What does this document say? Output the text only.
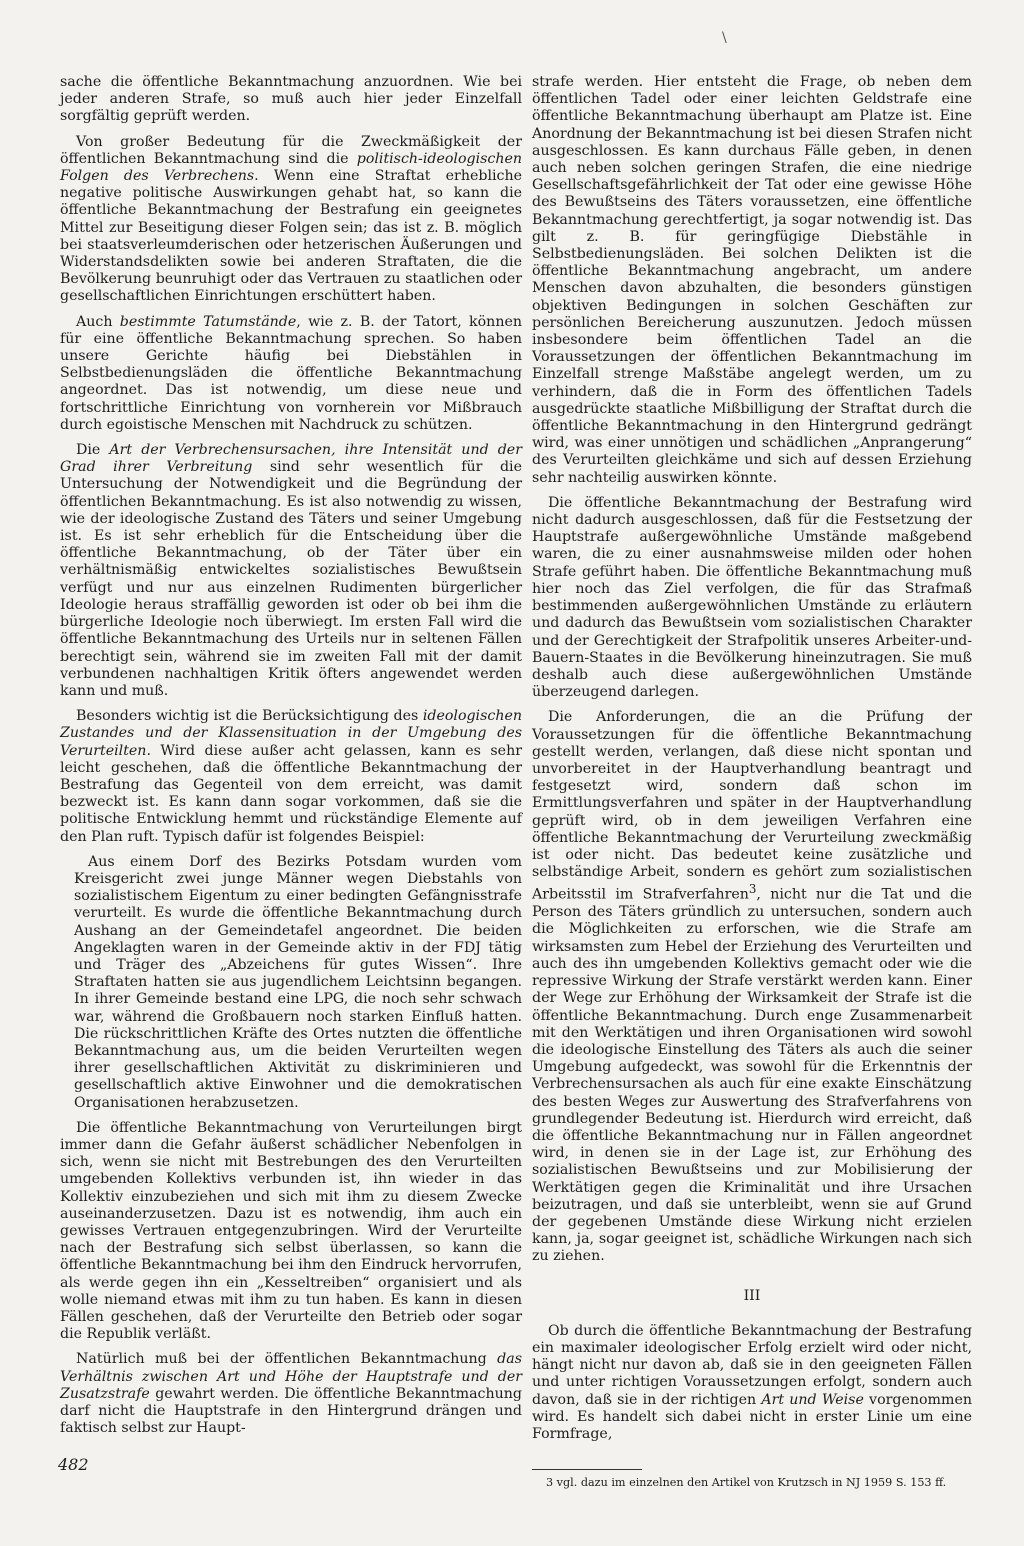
\

sache die öffentliche Bekanntmachung anzuordnen. Wie bei jeder anderen Strafe, so muß auch hier jeder Einzelfall sorgfältig geprüft werden.

Von großer Bedeutung für die Zweckmäßigkeit der öffentlichen Bekanntmachung sind die politisch-ideologischen Folgen des Verbrechens. Wenn eine Straftat erhebliche negative politische Auswirkungen gehabt hat, so kann die öffentliche Bekanntmachung der Bestrafung ein geeignetes Mittel zur Beseitigung dieser Folgen sein; das ist z. B. möglich bei staatsverleumderischen oder hetzerischen Äußerungen und Widerstandsdelikten sowie bei anderen Straftaten, die die Bevölkerung beunruhigt oder das Vertrauen zu staatlichen oder gesellschaftlichen Einrichtungen erschüttert haben.

Auch bestimmte Tatumstände, wie z. B. der Tatort, können für eine öffentliche Bekanntmachung sprechen. So haben unsere Gerichte häufig bei Diebstählen in Selbstbedienungsläden die öffentliche Bekanntmachung angeordnet. Das ist notwendig, um diese neue und fortschrittliche Einrichtung von vornherein vor Mißbrauch durch egoistische Menschen mit Nachdruck zu schützen.

Die Art der Verbrechensursachen, ihre Intensität und der Grad ihrer Verbreitung sind sehr wesentlich für die Untersuchung der Notwendigkeit und die Begründung der öffentlichen Bekanntmachung. Es ist also notwendig zu wissen, wie der ideologische Zustand des Täters und seiner Umgebung ist. Es ist sehr erheblich für die Entscheidung über die öffentliche Bekanntmachung, ob der Täter über ein verhältnismäßig entwickeltes sozialistisches Bewußtsein verfügt und nur aus einzelnen Rudimenten bürgerlicher Ideologie heraus straffällig geworden ist oder ob bei ihm die bürgerliche Ideologie noch überwiegt. Im ersten Fall wird die öffentliche Bekanntmachung des Urteils nur in seltenen Fällen berechtigt sein, während sie im zweiten Fall mit der damit verbundenen nachhaltigen Kritik öfters angewendet werden kann und muß.

Besonders wichtig ist die Berücksichtigung des ideologischen Zustandes und der Klassensituation in der Umgebung des Verurteilten. Wird diese außer acht gelassen, kann es sehr leicht geschehen, daß die öffentliche Bekanntmachung der Bestrafung das Gegenteil von dem erreicht, was damit bezweckt ist. Es kann dann sogar vorkommen, daß sie die politische Entwicklung hemmt und rückständige Elemente auf den Plan ruft. Typisch dafür ist folgendes Beispiel:

Aus einem Dorf des Bezirks Potsdam wurden vom Kreisgericht zwei junge Männer wegen Diebstahls von sozialistischem Eigentum zu einer bedingten Gefängnisstrafe verurteilt. Es wurde die öffentliche Bekanntmachung durch Aushang an der Gemeindetafel angeordnet. Die beiden Angeklagten waren in der Gemeinde aktiv in der FDJ tätig und Träger des „Abzeichens für gutes Wissen“. Ihre Straftaten hatten sie aus jugendlichem Leichtsinn begangen. In ihrer Gemeinde bestand eine LPG, die noch sehr schwach war, während die Großbauern noch starken Einfluß hatten. Die rückschrittlichen Kräfte des Ortes nutzten die öffentliche Bekanntmachung aus, um die beiden Verurteilten wegen ihrer gesellschaftlichen Aktivität zu diskriminieren und gesellschaftlich aktive Einwohner und die demokratischen Organisationen herabzusetzen.

Die öffentliche Bekanntmachung von Verurteilungen birgt immer dann die Gefahr äußerst schädlicher Nebenfolgen in sich, wenn sie nicht mit Bestrebungen des den Verurteilten umgebenden Kollektivs verbunden ist, ihn wieder in das Kollektiv einzubeziehen und sich mit ihm zu diesem Zwecke auseinanderzusetzen. Dazu ist es notwendig, ihm auch ein gewisses Vertrauen entgegenzubringen. Wird der Verurteilte nach der Bestrafung sich selbst überlassen, so kann die öffentliche Bekanntmachung bei ihm den Eindruck hervorrufen, als werde gegen ihn ein „Kesseltreiben“ organisiert und als wolle niemand etwas mit ihm zu tun haben. Es kann in diesen Fällen geschehen, daß der Verurteilte den Betrieb oder sogar die Republik verläßt.

Natürlich muß bei der öffentlichen Bekanntmachung das Verhältnis zwischen Art und Höhe der Hauptstrafe und der Zusatzstrafe gewahrt werden. Die öffentliche Bekanntmachung darf nicht die Hauptstrafe in den Hintergrund drängen und faktisch selbst zur Haupt-

strafe werden. Hier entsteht die Frage, ob neben dem öffentlichen Tadel oder einer leichten Geldstrafe eine öffentliche Bekanntmachung überhaupt am Platze ist. Eine Anordnung der Bekanntmachung ist bei diesen Strafen nicht ausgeschlossen. Es kann durchaus Fälle geben, in denen auch neben solchen geringen Strafen, die eine niedrige Gesellschaftsgefährlichkeit der Tat oder eine gewisse Höhe des Bewußtseins des Täters voraussetzen, eine öffentliche Bekanntmachung gerechtfertigt, ja sogar notwendig ist. Das gilt z. B. für geringfügige Diebstähle in Selbstbedienungsläden. Bei solchen Delikten ist die öffentliche Bekanntmachung angebracht, um andere Menschen davon abzuhalten, die besonders günstigen objektiven Bedingungen in solchen Geschäften zur persönlichen Bereicherung auszunutzen. Jedoch müssen insbesondere beim öffentlichen Tadel an die Voraussetzungen der öffentlichen Bekanntmachung im Einzelfall strenge Maßstäbe angelegt werden, um zu verhindern, daß die in Form des öffentlichen Tadels ausgedrückte staatliche Mißbilligung der Straftat durch die öffentliche Bekanntmachung in den Hintergrund gedrängt wird, was einer unnötigen und schädlichen „Anprangerung“ des Verurteilten gleichkäme und sich auf dessen Erziehung sehr nachteilig auswirken könnte.

Die öffentliche Bekanntmachung der Bestrafung wird nicht dadurch ausgeschlossen, daß für die Festsetzung der Hauptstrafe außergewöhnliche Umstände maßgebend waren, die zu einer ausnahmsweise milden oder hohen Strafe geführt haben. Die öffentliche Bekanntmachung muß hier noch das Ziel verfolgen, die für das Strafmaß bestimmenden außergewöhnlichen Umstände zu erläutern und dadurch das Bewußtsein vom sozialistischen Charakter und der Gerechtigkeit der Strafpolitik unseres Arbeiter-und-Bauern-Staates in die Bevölkerung hineinzutragen. Sie muß deshalb auch diese außergewöhnlichen Umstände überzeugend darlegen.

Die Anforderungen, die an die Prüfung der Voraussetzungen für die öffentliche Bekanntmachung gestellt werden, verlangen, daß diese nicht spontan und unvorbereitet in der Hauptverhandlung beantragt und festgesetzt wird, sondern daß schon im Ermittlungsverfahren und später in der Hauptverhandlung geprüft wird, ob in dem jeweiligen Verfahren eine öffentliche Bekanntmachung der Verurteilung zweckmäßig ist oder nicht. Das bedeutet keine zusätzliche und selbständige Arbeit, sondern es gehört zum sozialistischen Arbeitsstil im Strafverfahren$^3$, nicht nur die Tat und die Person des Täters gründlich zu untersuchen, sondern auch die Möglichkeiten zu erforschen, wie die Strafe am wirksamsten zum Hebel der Erziehung des Verurteilten und auch des ihn umgebenden Kollektivs gemacht oder wie die repressive Wirkung der Strafe verstärkt werden kann. Einer der Wege zur Erhöhung der Wirksamkeit der Strafe ist die öffentliche Bekanntmachung. Durch enge Zusammenarbeit mit den Werktätigen und ihren Organisationen wird sowohl die ideologische Einstellung des Täters als auch die seiner Umgebung aufgedeckt, was sowohl für die Erkenntnis der Verbrechensursachen als auch für eine exakte Einschätzung des besten Weges zur Auswertung des Strafverfahrens von grundlegender Bedeutung ist. Hierdurch wird erreicht, daß die öffentliche Bekanntmachung nur in Fällen angeordnet wird, in denen sie in der Lage ist, zur Erhöhung des sozialistischen Bewußtseins und zur Mobilisierung der Werktätigen gegen die Kriminalität und ihre Ursachen beizutragen, und daß sie unterbleibt, wenn sie auf Grund der gegebenen Umstände diese Wirkung nicht erzielen kann, ja, sogar geeignet ist, schädliche Wirkungen nach sich zu ziehen.

III

Ob durch die öffentliche Bekanntmachung der Bestrafung ein maximaler ideologischer Erfolg erzielt wird oder nicht, hängt nicht nur davon ab, daß sie in den geeigneten Fällen und unter richtigen Voraussetzungen erfolgt, sondern auch davon, daß sie in der richtigen Art und Weise vorgenommen wird. Es handelt sich dabei nicht in erster Linie um eine Formfrage,

3 vgl. dazu im einzelnen den Artikel von Krutzsch in NJ 1959 S. 153 ff.

482
